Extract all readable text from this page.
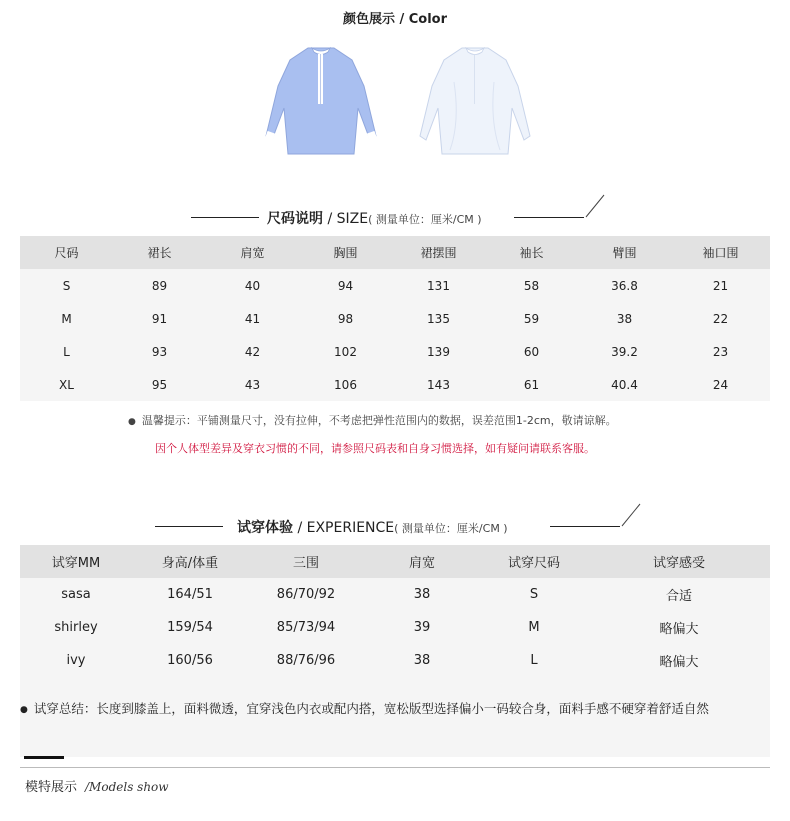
颜色展示 / Color
尺码说明 / SIZE( 测量单位：厘米/CM )
尺码	裙长	肩宽	胸围	裙摆围	袖长	臂围	袖口围
S	89	40	94	131	58	36.8	21
M	91	41	98	135	59	38	22
L	93	42	102	139	60	39.2	23
XL	95	43	106	143	61	40.4	24
● 温馨提示：平铺测量尺寸，没有拉伸，不考虑把弹性范围内的数据，误差范围1-2cm，敬请谅解。
因个人体型差异及穿衣习惯的不同，请参照尺码表和自身习惯选择，如有疑问请联系客服。
试穿体验 / EXPERIENCE( 测量单位：厘米/CM )
试穿MM	身高/体重	三围	肩宽	试穿尺码	试穿感受
sasa	164/51	86/70/92	38	S	合适
shirley	159/54	85/73/94	39	M	略偏大
ivy	160/56	88/76/96	38	L	略偏大
● 试穿总结：长度到膝盖上，面料微透，宜穿浅色内衣或配内搭，宽松版型选择偏小一码较合身，面料手感不硬穿着舒适自然
模特展示 /Models show
